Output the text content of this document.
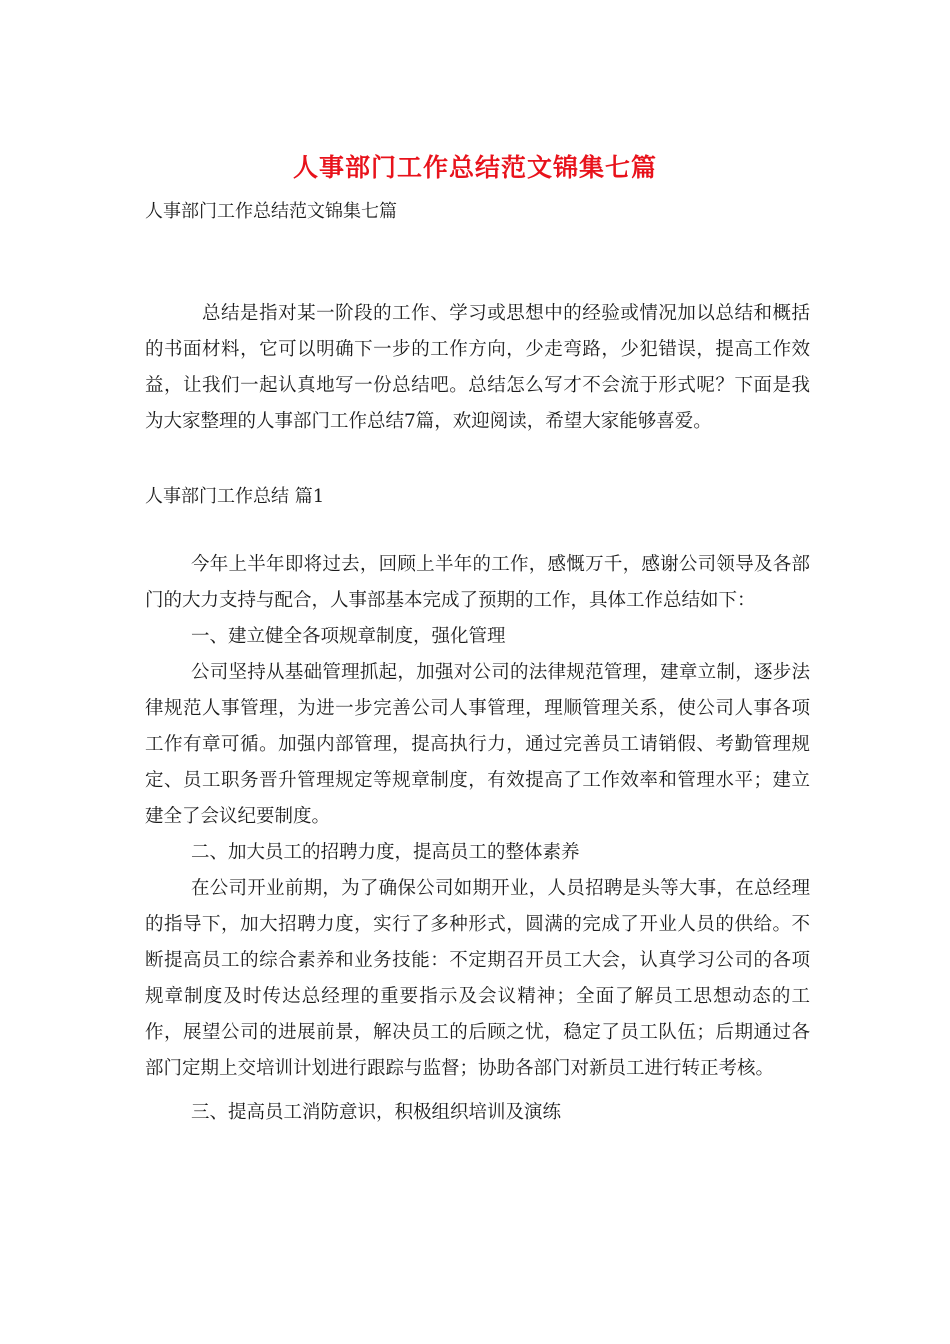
人事部门工作总结范文锦集七篇
人事部门工作总结范文锦集七篇

总结是指对某一阶段的工作、学习或思想中的经验或情况加以总结和概括的书面材料，它可以明确下一步的工作方向，少走弯路，少犯错误，提高工作效益，让我们一起认真地写一份总结吧。总结怎么写才不会流于形式呢？下面是我为大家整理的人事部门工作总结7篇，欢迎阅读，希望大家能够喜爱。

人事部门工作总结 篇1

今年上半年即将过去，回顾上半年的工作，感慨万千，感谢公司领导及各部门的大力支持与配合，人事部基本完成了预期的工作，具体工作总结如下：

一、建立健全各项规章制度，强化管理

公司坚持从基础管理抓起，加强对公司的法律规范管理，建章立制，逐步法律规范人事管理，为进一步完善公司人事管理，理顺管理关系，使公司人事各项工作有章可循。加强内部管理，提高执行力，通过完善员工请销假、考勤管理规定、员工职务晋升管理规定等规章制度，有效提高了工作效率和管理水平；建立建全了会议纪要制度。

二、加大员工的招聘力度，提高员工的整体素养

在公司开业前期，为了确保公司如期开业，人员招聘是头等大事，在总经理的指导下，加大招聘力度，实行了多种形式，圆满的完成了开业人员的供给。不断提高员工的综合素养和业务技能：不定期召开员工大会，认真学习公司的各项规章制度及时传达总经理的重要指示及会议精神；全面了解员工思想动态的工作，展望公司的进展前景，解决员工的后顾之忧，稳定了员工队伍；后期通过各部门定期上交培训计划进行跟踪与监督；协助各部门对新员工进行转正考核。

三、提高员工消防意识，积极组织培训及演练
